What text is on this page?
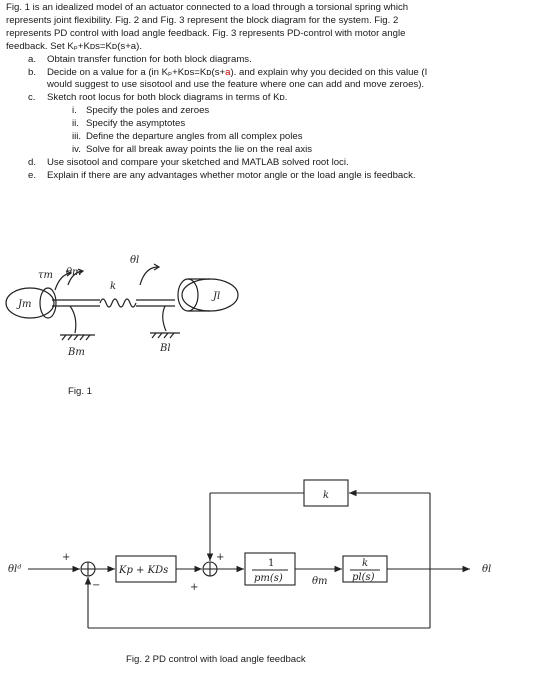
Fig. 1 is an idealized model of an actuator connected to a load through a torsional spring which

represents joint flexibility. Fig. 2 and Fig. 3 represent the block diagram for the system. Fig. 2

represents PD control with load angle feedback. Fig. 3 represents PD-control with motor angle

feedback. Set Kₚ+Kᴅs=Kᴅ(s+a).

a. Obtain transfer function for both block diagrams.
b. Decide on a value for a (in Kₚ+Kᴅs=Kᴅ(s+a). and explain why you decided on this value (I
would suggest to use sisotool and use the feature where one can add and move zeroes).
c. Sketch root locus for both block diagrams in terms of Kᴅ.
i. Specify the poles and zeroes
ii. Specify the asymptotes
iii. Define the departure angles from all complex poles
iv. Solve for all break away points the lie on the real axis
d. Use sisotool and compare your sketched and MATLAB solved root loci.
e. Explain if there are any advantages whether motor angle or the load angle is feedback.
τm θm
θl
k
Jm
Jl
Bm	Bl
Fig. 1
θlᵈ
+
−
Kp + KDs
+
+
k
1
pm(s)	θm
k
pl(s)
θl
Fig. 2 PD control with load angle feedback
